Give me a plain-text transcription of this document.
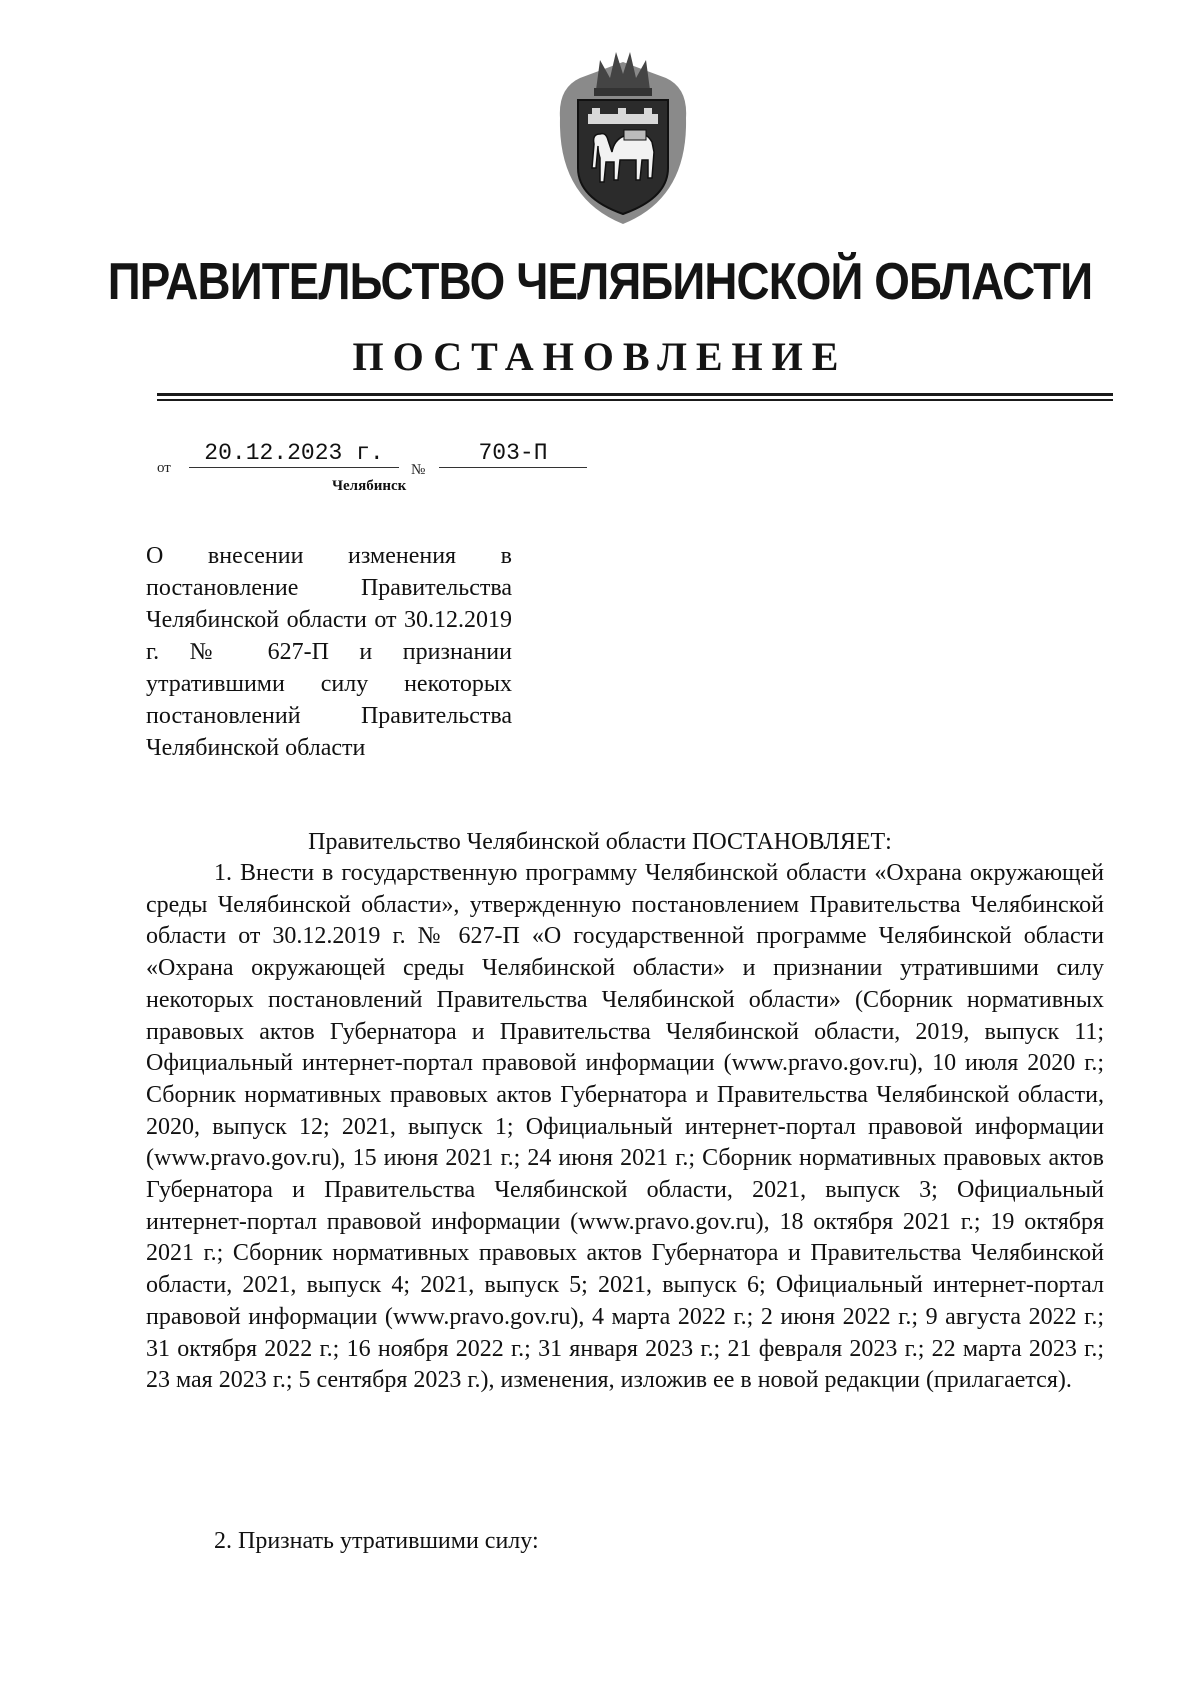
ПРАВИТЕЛЬСТВО ЧЕЛЯБИНСКОЙ ОБЛАСТИ
ПОСТАНОВЛЕНИЕ
от
20.12.2023 г.
№
703-П
Челябинск
О внесении изменения в постановление Правительства Челябинской области от 30.12.2019 г. № 627-П и признании утратившими силу некоторых постановлений Правительства Челябинской области
Правительство Челябинской области ПОСТАНОВЛЯЕТ:

1. Внести в государственную программу Челябинской области «Охрана окружающей среды Челябинской области», утвержденную постановлением Правительства Челябинской области от 30.12.2019 г. № 627-П «О государственной программе Челябинской области «Охрана окружающей среды Челябинской области» и признании утратившими силу некоторых постановлений Правительства Челябинской области» (Сборник нормативных правовых актов Губернатора и Правительства Челябинской области, 2019, выпуск 11; Официальный интернет-портал правовой информации (www.pravo.gov.ru), 10 июля 2020 г.; Сборник нормативных правовых актов Губернатора и Правительства Челябинской области, 2020, выпуск 12; 2021, выпуск 1; Официальный интернет-портал правовой информации (www.pravo.gov.ru), 15 июня 2021 г.; 24 июня 2021 г.; Сборник нормативных правовых актов Губернатора и Правительства Челябинской области, 2021, выпуск 3; Официальный интернет-портал правовой информации (www.pravo.gov.ru), 18 октября 2021 г.; 19 октября 2021 г.; Сборник нормативных правовых актов Губернатора и Правительства Челябинской области, 2021, выпуск 4; 2021, выпуск 5; 2021, выпуск 6; Официальный интернет-портал правовой информации (www.pravo.gov.ru), 4 марта 2022 г.; 2 июня 2022 г.; 9 августа 2022 г.; 31 октября 2022 г.; 16 ноября 2022 г.; 31 января 2023 г.; 21 февраля 2023 г.; 22 марта 2023 г.; 23 мая 2023 г.; 5 сентября 2023 г.), изменения, изложив ее в новой редакции (прилагается).

2. Признать утратившими силу:
